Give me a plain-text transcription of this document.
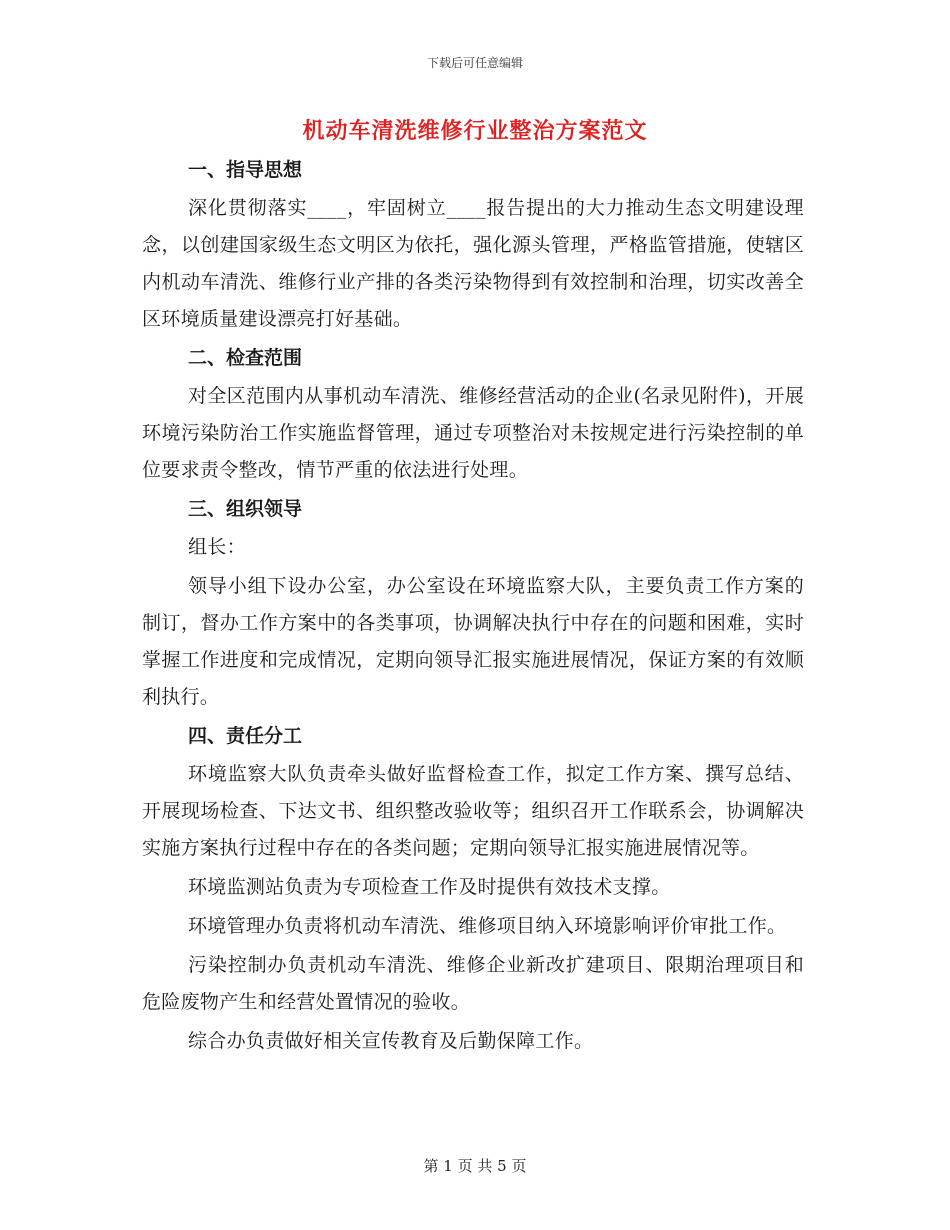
下载后可任意编辑
机动车清洗维修行业整治方案范文
一、指导思想
深化贯彻落实____，牢固树立____报告提出的大力推动生态文明建设理念，以创建国家级生态文明区为依托，强化源头管理，严格监管措施，使辖区内机动车清洗、维修行业产排的各类污染物得到有效控制和治理，切实改善全区环境质量建设漂亮打好基础。
二、检查范围
对全区范围内从事机动车清洗、维修经营活动的企业(名录见附件)，开展环境污染防治工作实施监督管理，通过专项整治对未按规定进行污染控制的单位要求责令整改，情节严重的依法进行处理。
三、组织领导
组长：
领导小组下设办公室，办公室设在环境监察大队，主要负责工作方案的制订，督办工作方案中的各类事项，协调解决执行中存在的问题和困难，实时掌握工作进度和完成情况，定期向领导汇报实施进展情况，保证方案的有效顺利执行。
四、责任分工
环境监察大队负责牵头做好监督检查工作，拟定工作方案、撰写总结、开展现场检查、下达文书、组织整改验收等；组织召开工作联系会，协调解决实施方案执行过程中存在的各类问题；定期向领导汇报实施进展情况等。
环境监测站负责为专项检查工作及时提供有效技术支撑。
环境管理办负责将机动车清洗、维修项目纳入环境影响评价审批工作。
污染控制办负责机动车清洗、维修企业新改扩建项目、限期治理项目和危险废物产生和经营处置情况的验收。
综合办负责做好相关宣传教育及后勤保障工作。
第 1 页 共 5 页
